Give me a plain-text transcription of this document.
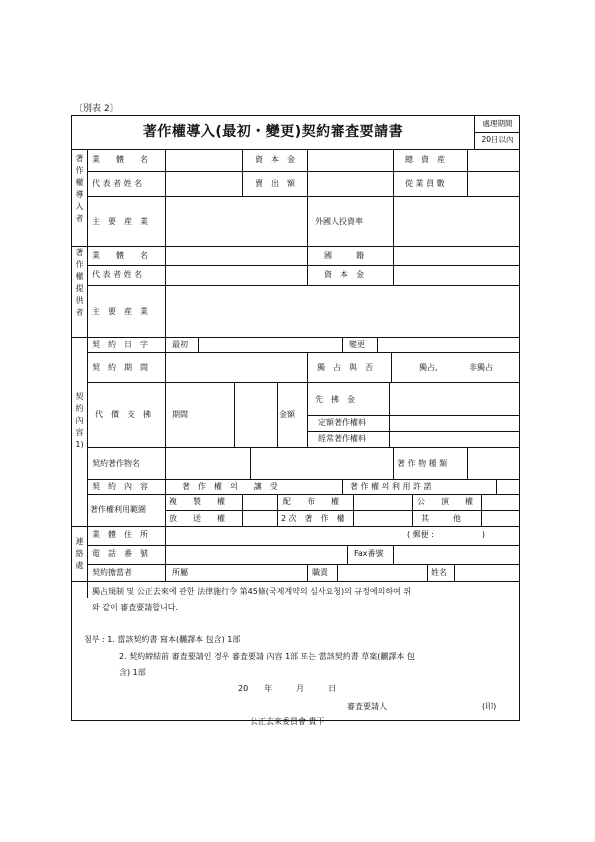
〔別表 2〕
著作權導入(最初・變更)契約審査要請書
處理期間
20日以內
著作權導入者
著作權提供者
契約內容1)
連絡處
業　　體　　名	資　本　金	總　資　産
代 表 者 姓 名	賣　出　額	從 業 員 數
主　要　産　業	外國人投資率
業　　體　　名	國　　　籍
代 表 者 姓 名	資　本　金
主　要　産　業
契　約　日　字	最初	變更
契　約　期　間	獨　占　與　否	獨占,	非獨占
代　價　支　拂	期間	金額
先　拂　金
定額著作權料
經常著作權料
契約著作物名	著 作 物 種 類
契　約　內　容	著　作　權　의　　讓　受	著 作 權 의 利 用 許 諾
著作權利用範圍
複　　製　　權	配　　布　　權	公　　演　　權
放　　送　　權	2 次　著　作　權	其　　　他
業　體　住　所	( 郵便 :　　　　　　)
電　話　番　號	Fax番號
契約擔當者	所屬	職責	姓名
獨占規制 및 公正去來에 관한 法律施行令 第45條(국제계약의 심사요청)의 규정에의하여 위
와 같이 審査要請합니다.
첨부 : 1. 當該契約書 寫本(飜譯本 包含) 1部
2. 契約締結前 審査要請인 경우 審査要請 內容 1部 또는 當該契約書 草案(飜譯本 包
含) 1部
20　　年　　　月　　　日
審査要請人	(印)
公正去來委員會 貴下
